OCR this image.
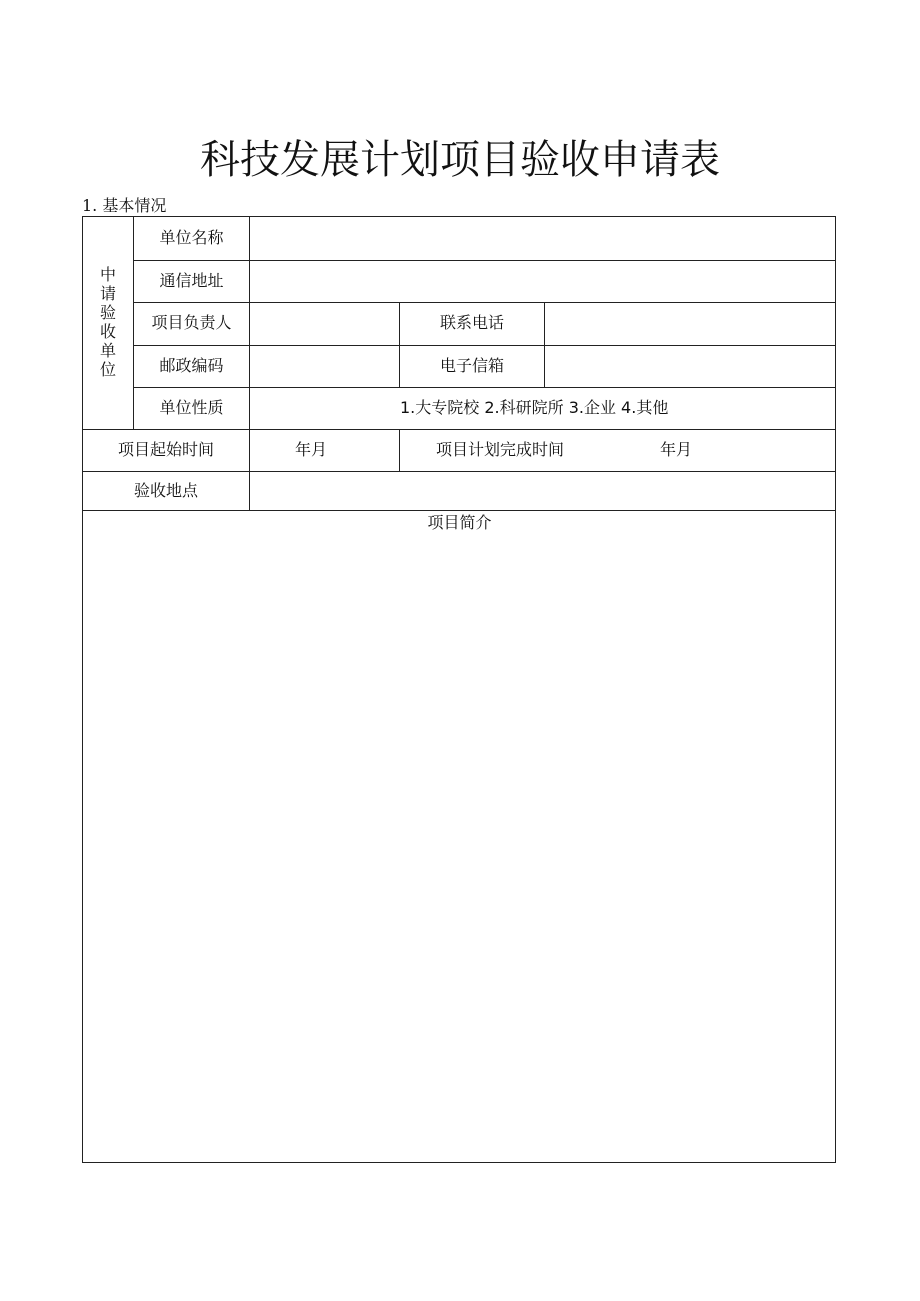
科技发展计划项目验收申请表
1. 基本情况
中
请
验
收
单
位
单位名称
通信地址
项目负责人	联系电话
邮政编码	电子信箱
单位性质	1.大专院校 2.科研院所 3.企业 4.其他
项目起始时间	年月	项目计划完成时间	年月
验收地点
项目简介
